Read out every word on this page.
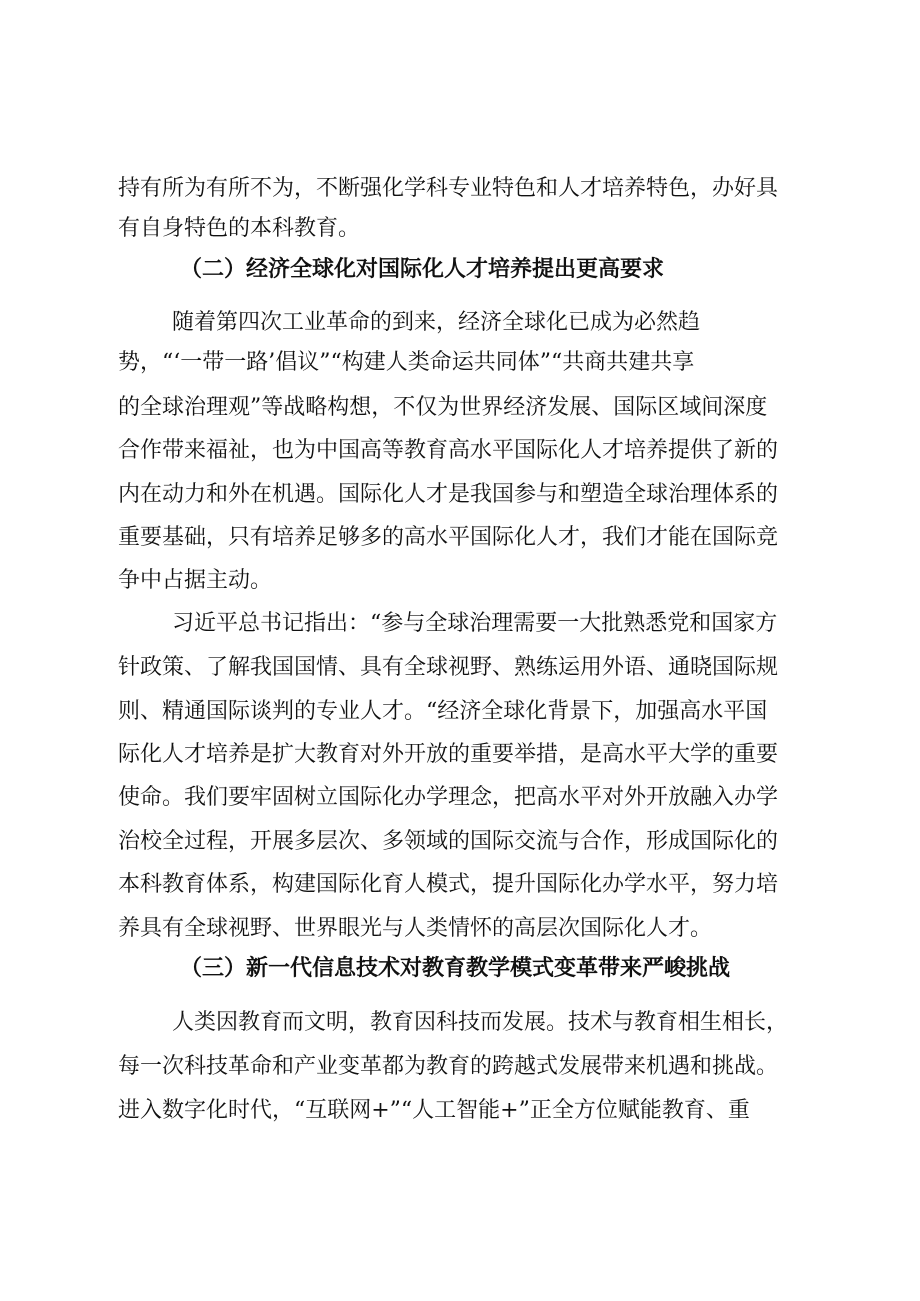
持有所为有所不为，不断强化学科专业特色和人才培养特色，办好具

有自身特色的本科教育。

（二）经济全球化对国际化人才培养提出更高要求

随着第四次工业革命的到来，经济全球化已成为必然趋

势，“‘一带一路’倡议”“构建人类命运共同体”“共商共建共享

的全球治理观”等战略构想，不仅为世界经济发展、国际区域间深度

合作带来福祉，也为中国高等教育高水平国际化人才培养提供了新的

内在动力和外在机遇。国际化人才是我国参与和塑造全球治理体系的

重要基础，只有培养足够多的高水平国际化人才，我们才能在国际竞

争中占据主动。

习近平总书记指出：“参与全球治理需要一大批熟悉党和国家方

针政策、了解我国国情、具有全球视野、熟练运用外语、通晓国际规

则、精通国际谈判的专业人才。“经济全球化背景下，加强高水平国

际化人才培养是扩大教育对外开放的重要举措，是高水平大学的重要

使命。我们要牢固树立国际化办学理念，把高水平对外开放融入办学

治校全过程，开展多层次、多领域的国际交流与合作，形成国际化的

本科教育体系，构建国际化育人模式，提升国际化办学水平，努力培

养具有全球视野、世界眼光与人类情怀的高层次国际化人才。

（三）新一代信息技术对教育教学模式变革带来严峻挑战

人类因教育而文明，教育因科技而发展。技术与教育相生相长，

每一次科技革命和产业变革都为教育的跨越式发展带来机遇和挑战。

进入数字化时代，“互联网+”“人工智能+”正全方位赋能教育、重
